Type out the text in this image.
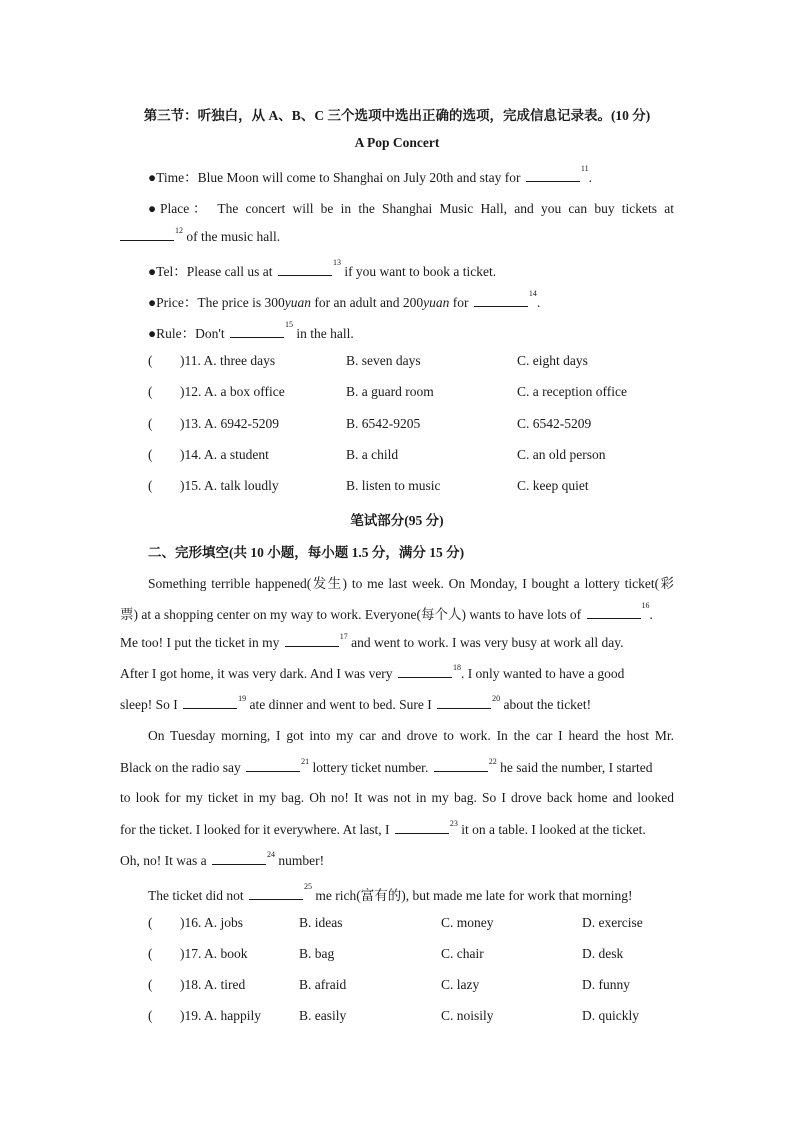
第三节：听独白，从 A、B、C 三个选项中选出正确的选项，完成信息记录表。(10 分)
A Pop Concert
●Time：Blue Moon will come to Shanghai on July 20th and stay for $^{11}$.
●Place： The concert will be in the Shanghai Music Hall, and you can buy tickets at
$^{12}$ of the music hall.
●Tel：Please call us at $^{13}$ if you want to book a ticket.
●Price：The price is 300yuan for an adult and 200yuan for $^{14}$.
●Rule：Don't $^{15}$ in the hall.
( )11. A. three days	B. seven days	C. eight days
( )12. A. a box office	B. a guard room	C. a reception office
( )13. A. 6942-5209	B. 6542-9205	C. 6542-5209
( )14. A. a student	B. a child	C. an old person
( )15. A. talk loudly	B. listen to music	C. keep quiet
笔试部分(95 分)
二、完形填空(共 10 小题，每小题 1.5 分，满分 15 分)
Something terrible happened(发生) to me last week. On Monday, I bought a lottery ticket(彩
票) at a shopping center on my way to work. Everyone(每个人) wants to have lots of $^{16}$.
Me too! I put the ticket in my	$^{17}$ and went to work. I was very busy at work all day.
After I got home, it was very dark. And I was very	$^{18}$. I only wanted to have a good
sleep! So I	$^{19}$ ate dinner and went to bed. Sure I	$^{20}$ about the ticket!
On Tuesday morning, I got into my car and drove to work. In the car I heard the host Mr.
Black on the radio say	$^{21}$ lottery ticket number.	$^{22}$ he said the number, I started
to look for my ticket in my bag. Oh no! It was not in my bag. So I drove back home and looked
for the ticket. I looked for it everywhere. At last, I	$^{23}$ it on a table. I looked at the ticket.
Oh, no! It was a	$^{24}$ number!
The ticket did not $^{25}$ me rich(富有的), but made me late for work that morning!
( )16. A. jobs	B. ideas	C. money	D. exercise
( )17. A. book	B. bag	C. chair	D. desk
( )18. A. tired	B. afraid	C. lazy	D. funny
( )19. A. happily	B. easily	C. noisily	D. quickly
